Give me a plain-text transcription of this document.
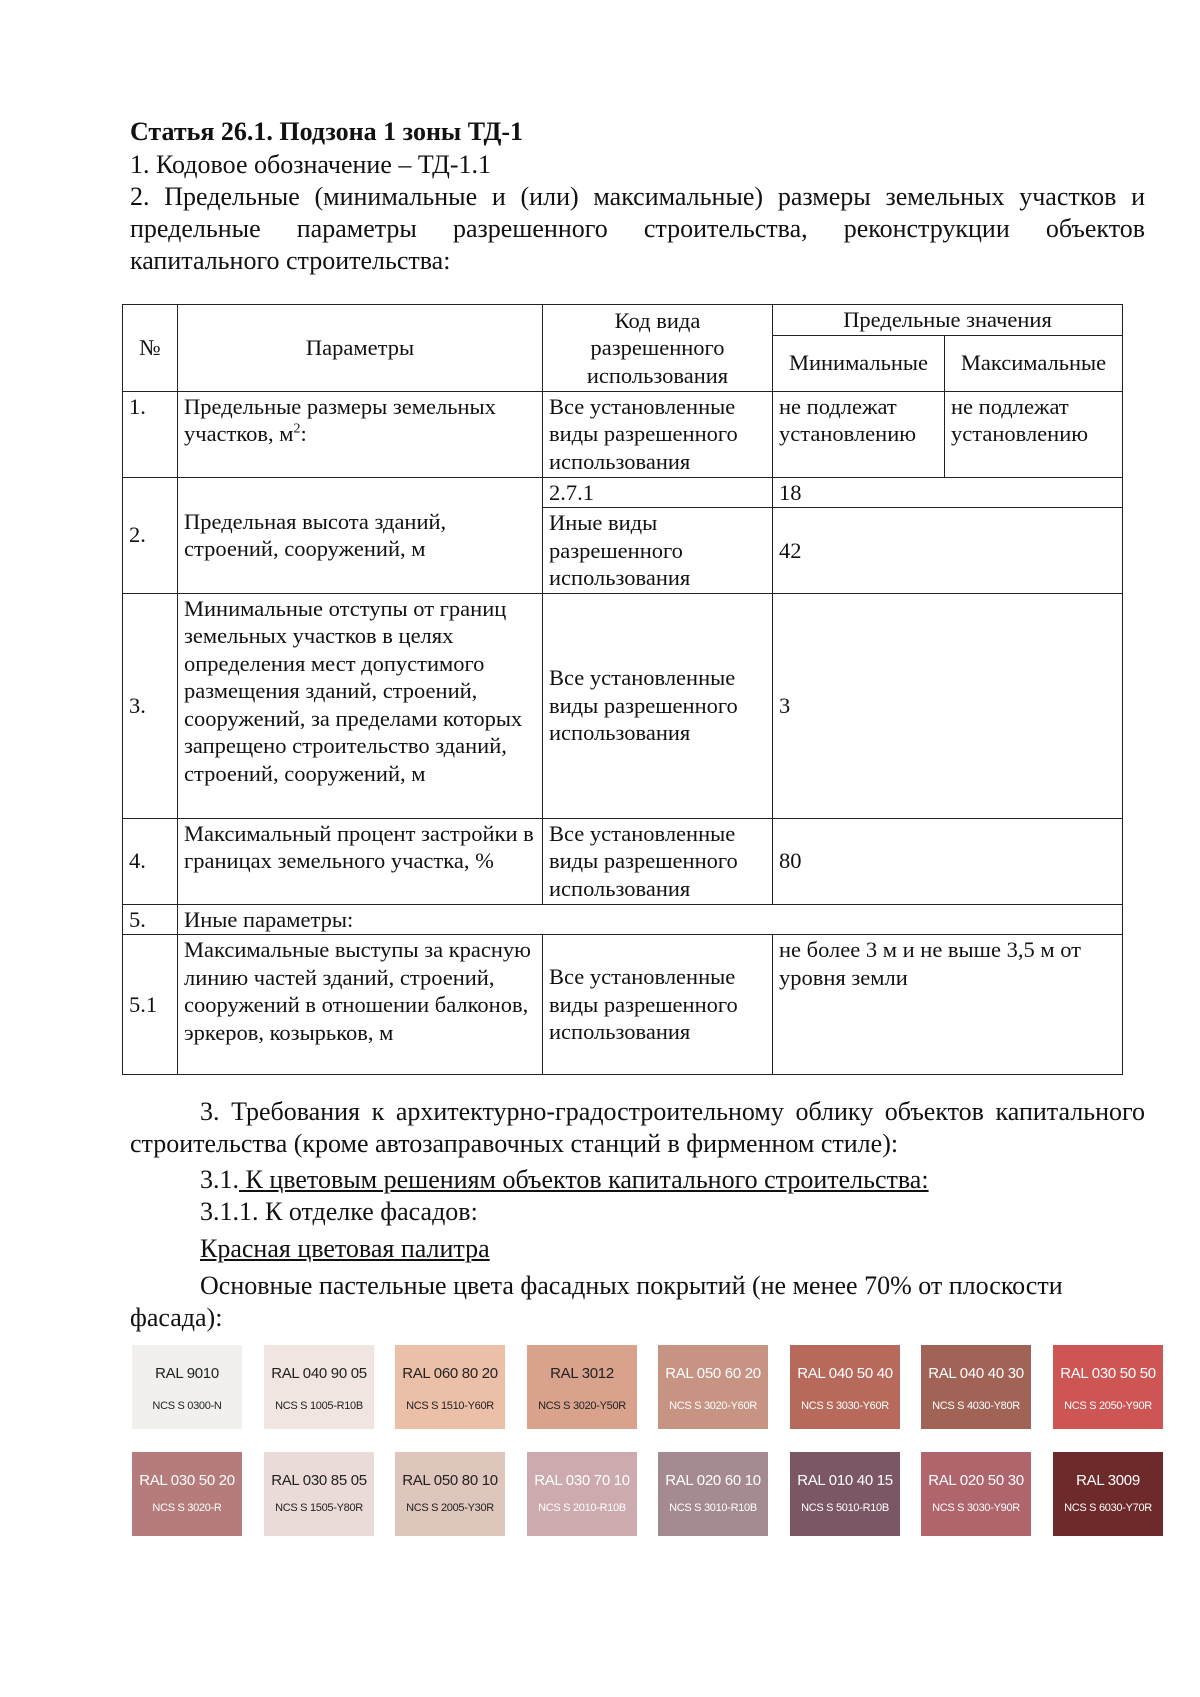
Статья 26.1. Подзона 1 зоны ТД-1
1. Кодовое обозначение – ТД-1.1
2. Предельные (минимальные и (или) максимальные) размеры земельных участков и предельные параметры разрешенного строительства, реконструкции объектов капитального строительства:
№	Параметры	Код вида разрешенного использования	Предельные значения	
			Минимальные	Максимальные
1.	Предельные размеры земельных участков, $м^2$:	Все установленные виды разрешенного использования	не подлежат установлению	не подлежат установлению
2.	Предельная высота зданий, строений, сооружений, м	2.7.1	18	
		Иные виды разрешенного использования	42	
3.	Минимальные отступы от границ земельных участков в целях определения мест допустимого размещения зданий, строений, сооружений, за пределами которых запрещено строительство зданий, строений, сооружений, м	Все установленные виды разрешенного использования	3	
4.	Максимальный процент застройки в границах земельного участка, %	Все установленные виды разрешенного использования	80	
5.	Иные параметры:			
5.1	Максимальные выступы за красную линию частей зданий, строений, сооружений в отношении балконов, эркеров, козырьков, м	Все установленные виды разрешенного использования	не более 3 м и не выше 3,5 м от уровня земли	
3. Требования к архитектурно-градостроительному облику объектов капитального строительства (кроме автозаправочных станций в фирменном стиле):
3.1. К цветовым решениям объектов капитального строительства:
3.1.1. К отделке фасадов:
Красная цветовая палитра
Основные пастельные цвета фасадных покрытий (не менее 70% от плоскости фасада):
RAL 9010
NCS S 0300-N
RAL 040 90 05
NCS S 1005-R10B
RAL 060 80 20
NCS S 1510-Y60R
RAL 3012
NCS S 3020-Y50R
RAL 050 60 20
NCS S 3020-Y60R
RAL 040 50 40
NCS S 3030-Y60R
RAL 040 40 30
NCS S 4030-Y80R
RAL 030 50 50
NCS S 2050-Y90R
RAL 030 50 20
NCS S 3020-R
RAL 030 85 05
NCS S 1505-Y80R
RAL 050 80 10
NCS S 2005-Y30R
RAL 030 70 10
NCS S 2010-R10B
RAL 020 60 10
NCS S 3010-R10B
RAL 010 40 15
NCS S 5010-R10B
RAL 020 50 30
NCS S 3030-Y90R
RAL 3009
NCS S 6030-Y70R
